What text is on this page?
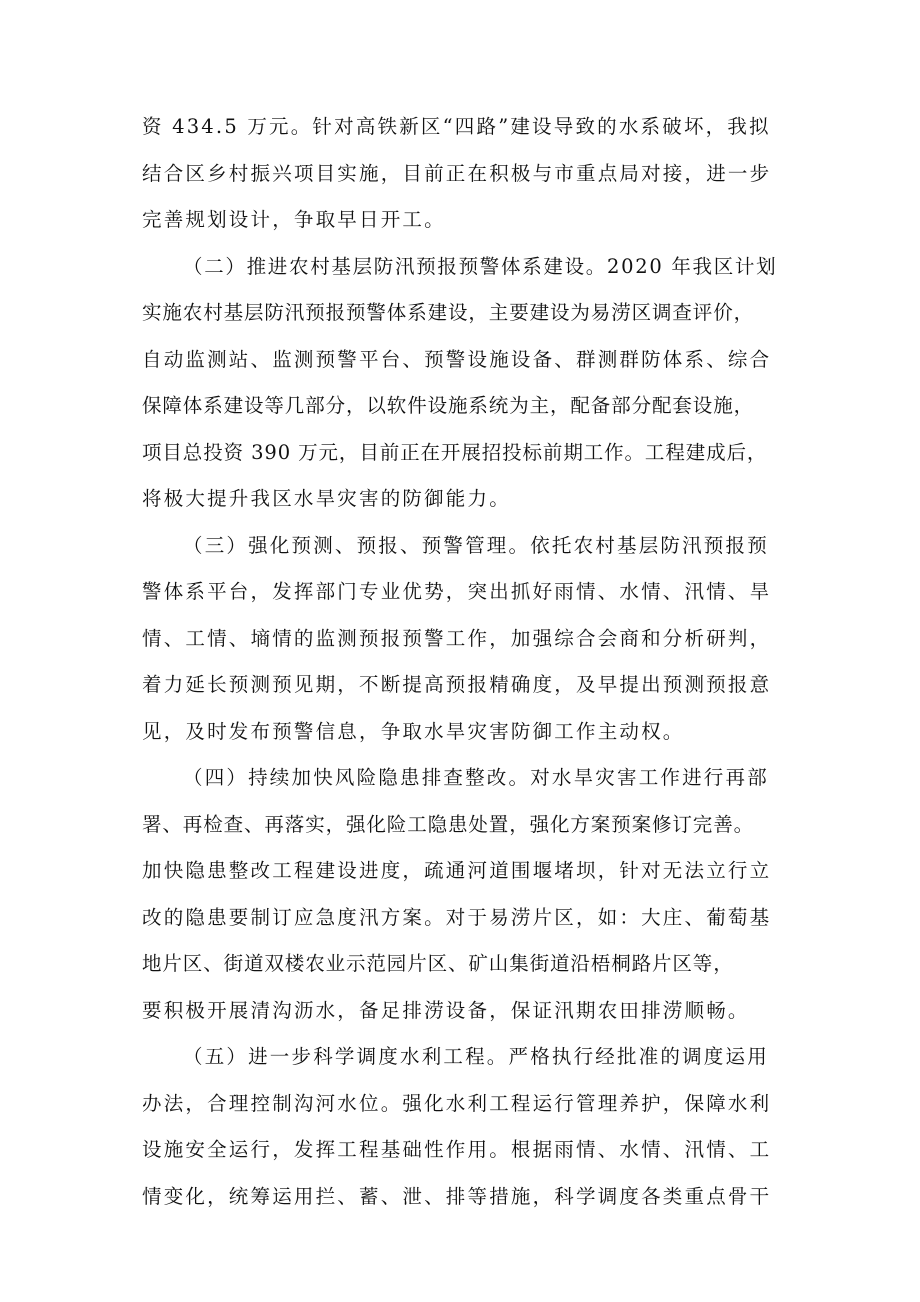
资 434.5 万元。针对高铁新区“四路”建设导致的水系破坏，我拟
结合区乡村振兴项目实施，目前正在积极与市重点局对接，进一步
完善规划设计，争取早日开工。
（二）推进农村基层防汛预报预警体系建设。2020 年我区计划
实施农村基层防汛预报预警体系建设，主要建设为易涝区调查评价，
自动监测站、监测预警平台、预警设施设备、群测群防体系、综合
保障体系建设等几部分，以软件设施系统为主，配备部分配套设施，
项目总投资 390 万元，目前正在开展招投标前期工作。工程建成后，
将极大提升我区水旱灾害的防御能力。
（三）强化预测、预报、预警管理。依托农村基层防汛预报预
警体系平台，发挥部门专业优势，突出抓好雨情、水情、汛情、旱
情、工情、墒情的监测预报预警工作，加强综合会商和分析研判，
着力延长预测预见期，不断提高预报精确度，及早提出预测预报意
见，及时发布预警信息，争取水旱灾害防御工作主动权。
（四）持续加快风险隐患排查整改。对水旱灾害工作进行再部
署、再检查、再落实，强化险工隐患处置，强化方案预案修订完善。
加快隐患整改工程建设进度，疏通河道围堰堵坝，针对无法立行立
改的隐患要制订应急度汛方案。对于易涝片区，如：大庄、葡萄基
地片区、街道双楼农业示范园片区、矿山集街道沿梧桐路片区等，
要积极开展清沟沥水，备足排涝设备，保证汛期农田排涝顺畅。
（五）进一步科学调度水利工程。严格执行经批准的调度运用
办法，合理控制沟河水位。强化水利工程运行管理养护，保障水利
设施安全运行，发挥工程基础性作用。根据雨情、水情、汛情、工
情变化，统筹运用拦、蓄、泄、排等措施，科学调度各类重点骨干
